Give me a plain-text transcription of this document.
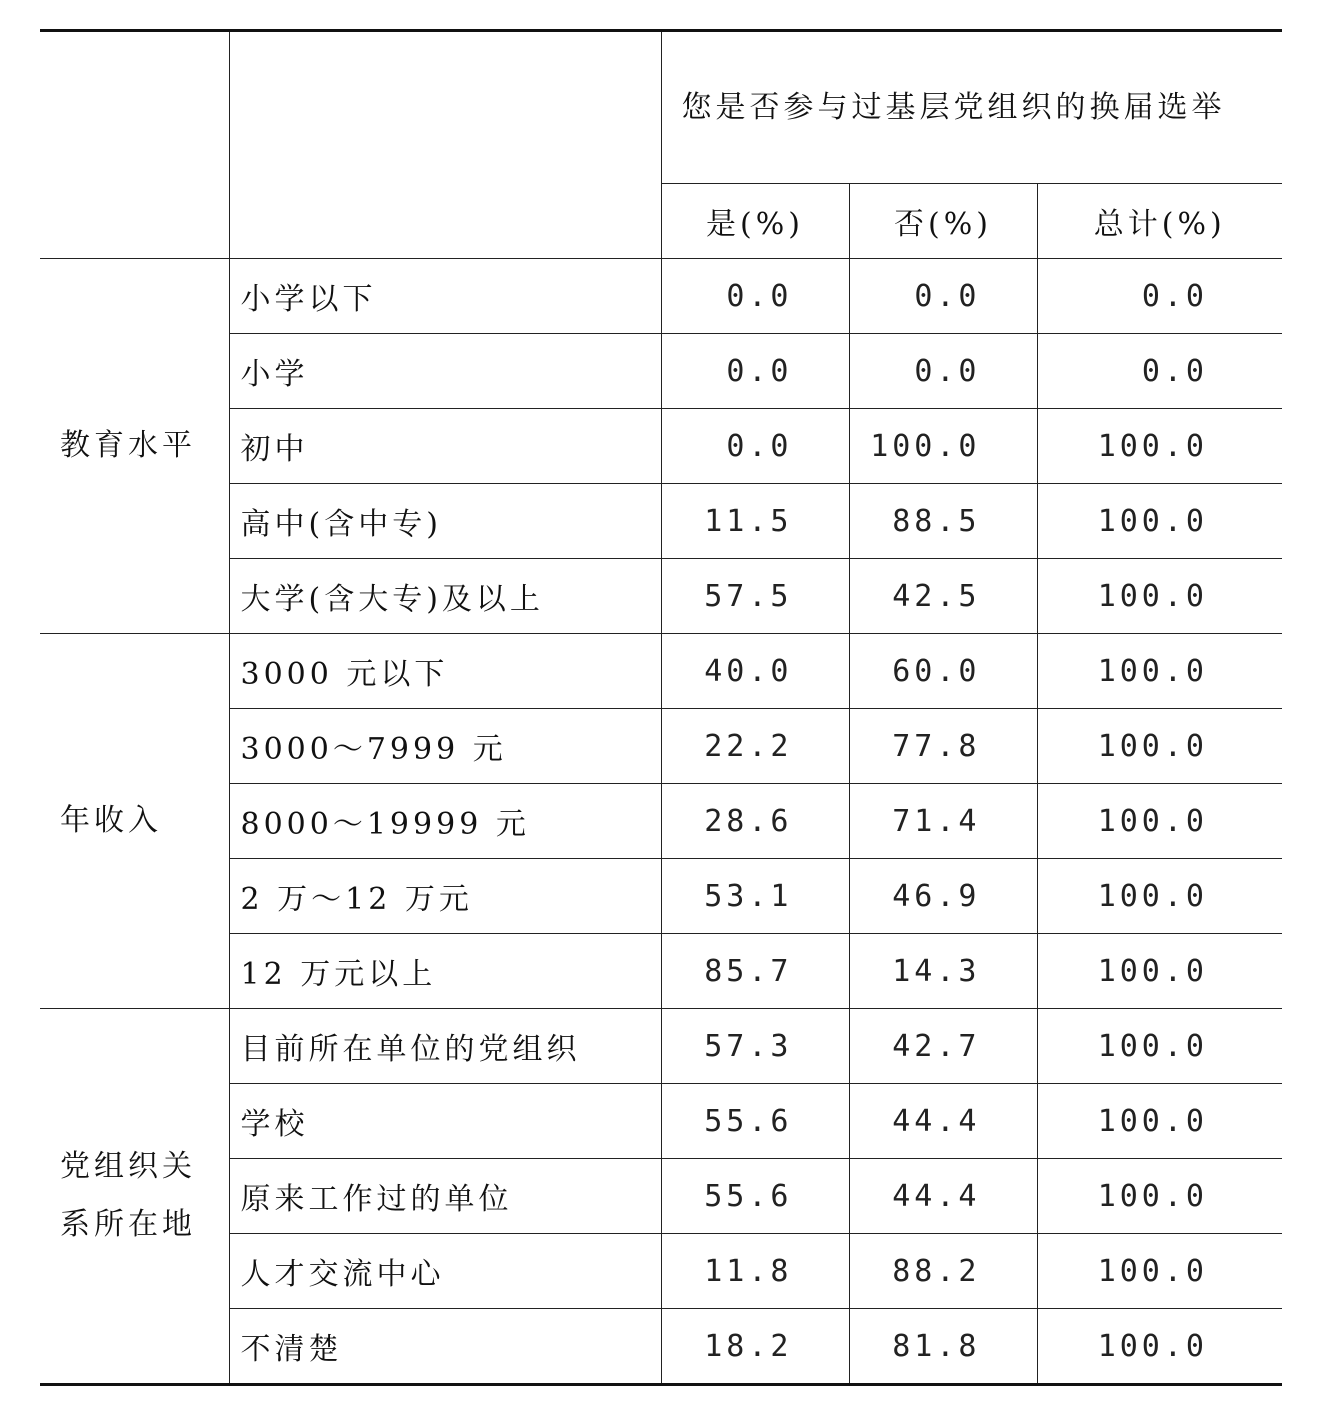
		您是否参与过基层党组织的换届选举		
		是(%)	否(%)	总计(%)
教育水平	小学以下	0.0	0.0	0.0
	小学	0.0	0.0	0.0
	初中	0.0	100.0	100.0
	高中(含中专)	11.5	88.5	100.0
	大学(含大专)及以上	57.5	42.5	100.0
年收入	3000 元以下	40.0	60.0	100.0
	3000～7999 元	22.2	77.8	100.0
	8000～19999 元	28.6	71.4	100.0
	2 万～12 万元	53.1	46.9	100.0
	12 万元以上	85.7	14.3	100.0
党组织关系所在地	目前所在单位的党组织	57.3	42.7	100.0
	学校	55.6	44.4	100.0
	原来工作过的单位	55.6	44.4	100.0
	人才交流中心	11.8	88.2	100.0
	不清楚	18.2	81.8	100.0
